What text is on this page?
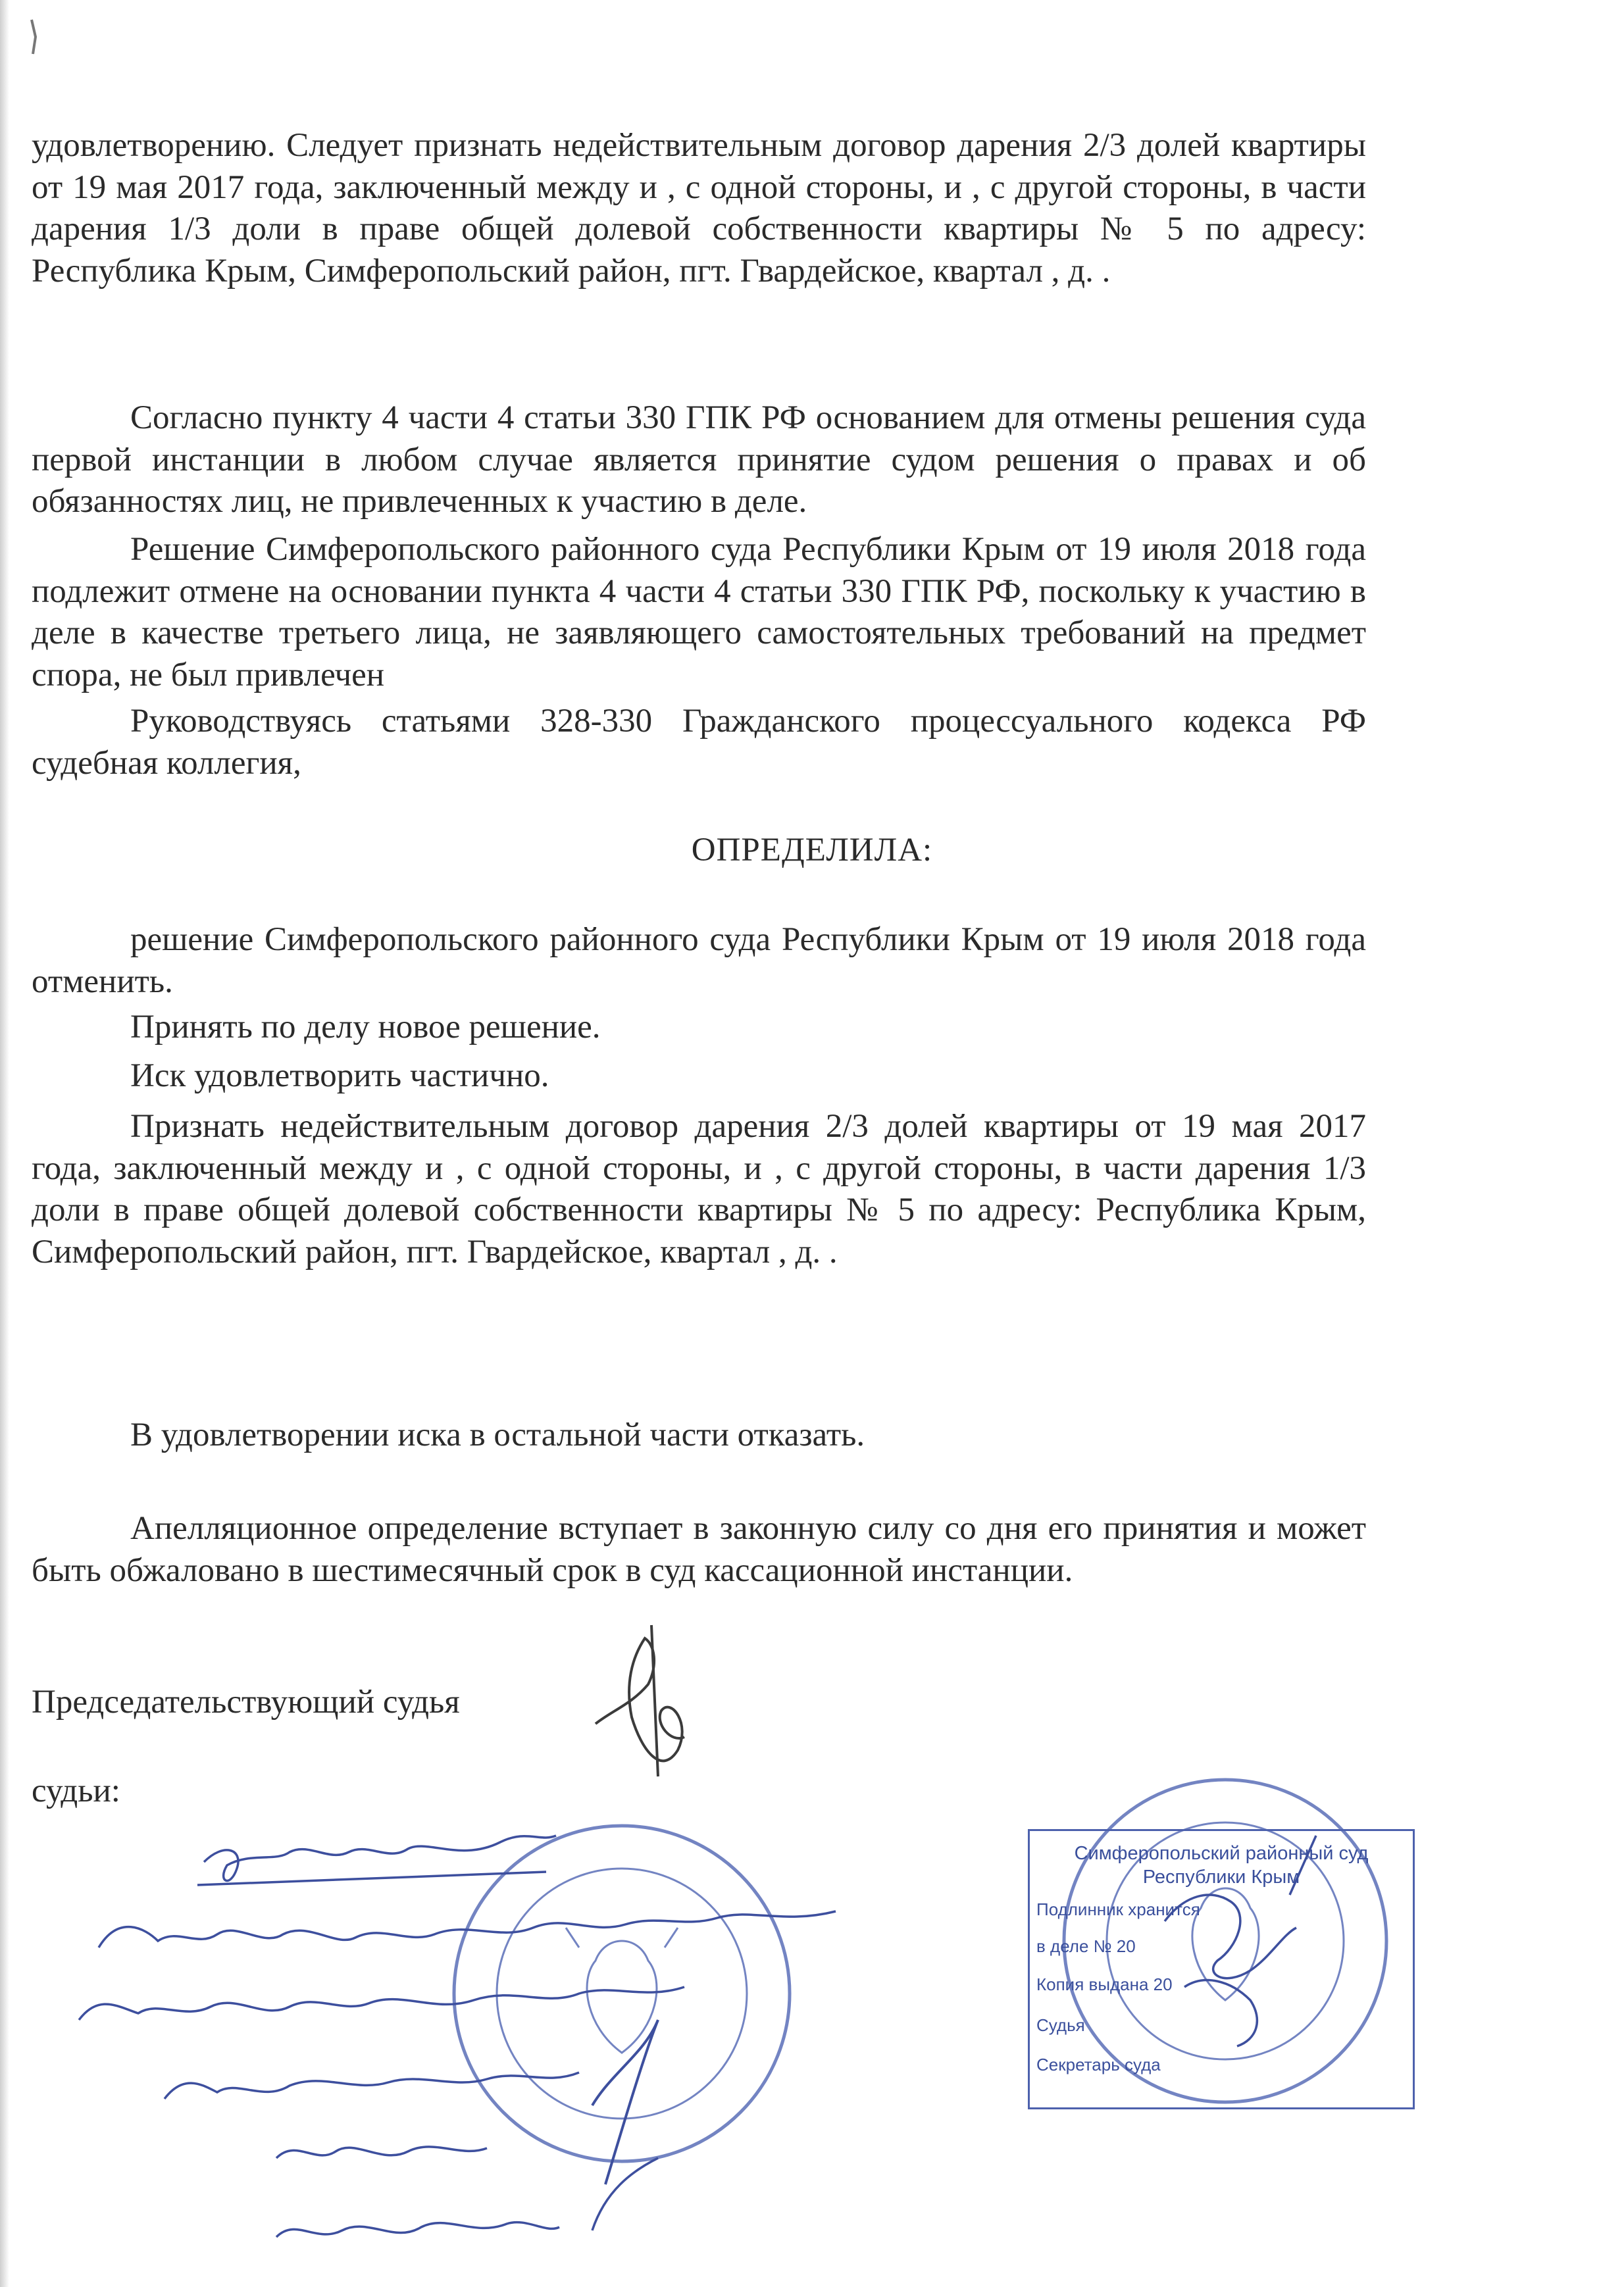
удовлетворению. Следует признать недействительным договор дарения 2/3 долей квартиры от 19 мая 2017 года, заключенный между и , с одной стороны, и , с другой стороны, в части дарения 1/3 доли в праве общей долевой собственности квартиры № 5 по адресу: Республика Крым, Симферопольский район, пгт. Гвардейское, квартал , д. .

Согласно пункту 4 части 4 статьи 330 ГПК РФ основанием для отмены решения суда первой инстанции в любом случае является принятие судом решения о правах и об обязанностях лиц, не привлеченных к участию в деле.

Решение Симферопольского районного суда Республики Крым от 19 июля 2018 года подлежит отмене на основании пункта 4 части 4 статьи 330 ГПК РФ, поскольку к участию в деле в качестве третьего лица, не заявляющего самостоятельных требований на предмет спора, не был привлечен

Руководствуясь статьями 328-330 Гражданского процессуального кодекса РФ судебная коллегия,

ОПРЕДЕЛИЛА:

решение Симферопольского районного суда Республики Крым от 19 июля 2018 года отменить.

Принять по делу новое решение.

Иск удовлетворить частично.

Признать недействительным договор дарения 2/3 долей квартиры от 19 мая 2017 года, заключенный между и , с одной стороны, и , с другой стороны, в части дарения 1/3 доли в праве общей долевой собственности квартиры № 5 по адресу: Республика Крым, Симферопольский район, пгт. Гвардейское, квартал , д. .

В удовлетворении иска в остальной части отказать.

Апелляционное определение вступает в законную силу со дня его принятия и может быть обжаловано в шестимесячный срок в суд кассационной инстанции.

Председательствующий судья
судьи:
Симферопольский районный суд
Республики Крым
Подлинник хранится
в деле № 20
Копия выдана 20
Судья
Секретарь суда
